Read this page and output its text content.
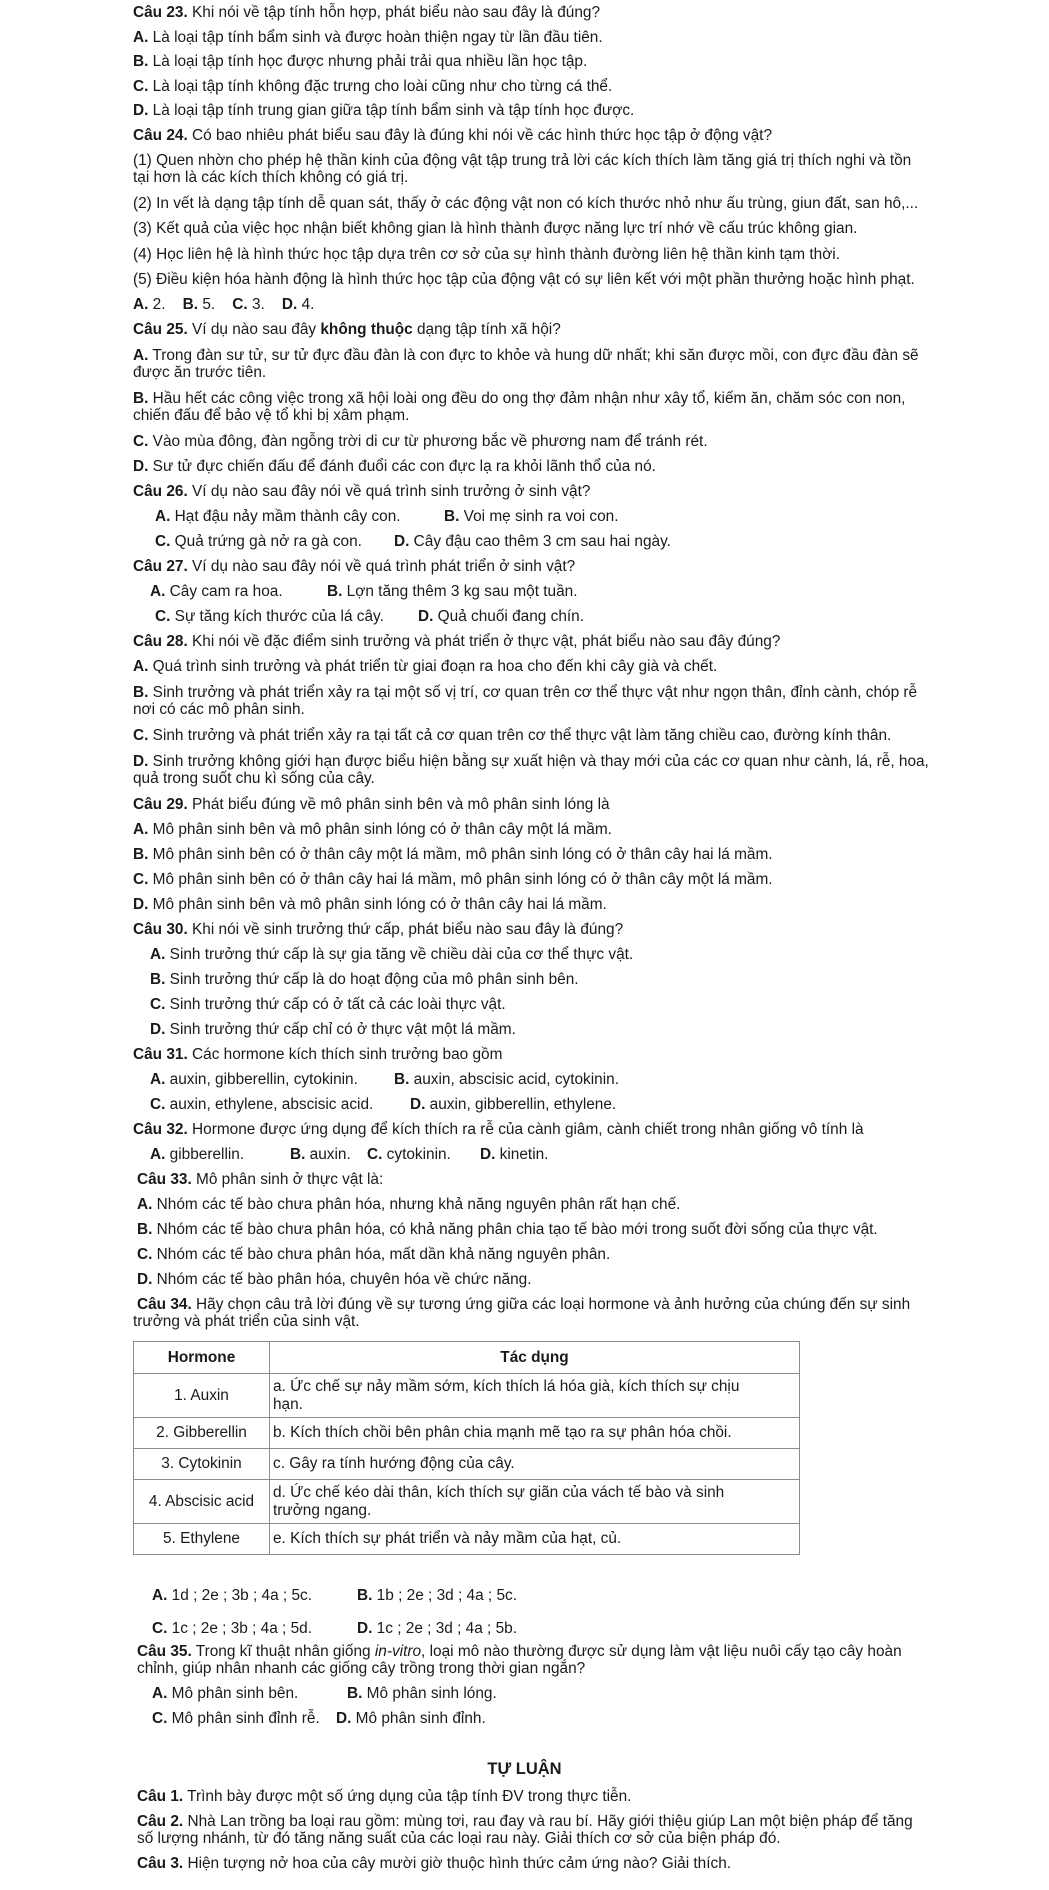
Câu 23. Khi nói về tập tính hỗn hợp, phát biểu nào sau đây là đúng?
A. Là loại tập tính bẩm sinh và được hoàn thiện ngay từ lần đầu tiên.
B. Là loại tập tính học được nhưng phải trải qua nhiều lần học tập.
C. Là loại tập tính không đặc trưng cho loài cũng như cho từng cá thể.
D. Là loại tập tính trung gian giữa tập tính bẩm sinh và tập tính học được.
Câu 24. Có bao nhiêu phát biểu sau đây là đúng khi nói về các hình thức học tập ở động vật?
(1) Quen nhờn cho phép hệ thần kinh của động vật tập trung trả lời các kích thích làm tăng giá trị thích nghi và tồn
tại hơn là các kích thích không có giá trị.
(2) In vết là dạng tập tính dễ quan sát, thấy ở các động vật non có kích thước nhỏ như ấu trùng, giun đất, san hô,...
(3) Kết quả của việc học nhận biết không gian là hình thành được năng lực trí nhớ về cấu trúc không gian.
(4) Học liên hệ là hình thức học tập dựa trên cơ sở của sự hình thành đường liên hệ thần kinh tạm thời.
(5) Điều kiện hóa hành động là hình thức học tập của động vật có sự liên kết với một phần thưởng hoặc hình phạt.
A. 2. B. 5. C. 3. D. 4.
Câu 25. Ví dụ nào sau đây không thuộc dạng tập tính xã hội?
A. Trong đàn sư tử, sư tử đực đầu đàn là con đực to khỏe và hung dữ nhất; khi săn được mồi, con đực đầu đàn sẽ
được ăn trước tiên.
B. Hầu hết các công việc trong xã hội loài ong đều do ong thợ đảm nhận như xây tổ, kiếm ăn, chăm sóc con non,
chiến đấu để bảo vệ tổ khi bị xâm phạm.
C. Vào mùa đông, đàn ngỗng trời di cư từ phương bắc về phương nam để tránh rét.
D. Sư tử đực chiến đấu để đánh đuổi các con đực lạ ra khỏi lãnh thổ của nó.
Câu 26. Ví dụ nào sau đây nói về quá trình sinh trưởng ở sinh vật?
A. Hạt đậu nảy mầm thành cây con.	B. Voi mẹ sinh ra voi con.
C. Quả trứng gà nở ra gà con. D. Cây đậu cao thêm 3 cm sau hai ngày.
Câu 27. Ví dụ nào sau đây nói về quá trình phát triển ở sinh vật?
A. Cây cam ra hoa.	B. Lợn tăng thêm 3 kg sau một tuần.
C. Sự tăng kích thước của lá cây. D. Quả chuối đang chín.
Câu 28. Khi nói về đặc điểm sinh trưởng và phát triển ở thực vật, phát biểu nào sau đây đúng?
A. Quá trình sinh trưởng và phát triển từ giai đoạn ra hoa cho đến khi cây già và chết.
B. Sinh trưởng và phát triển xảy ra tại một số vị trí, cơ quan trên cơ thể thực vật như ngọn thân, đỉnh cành, chóp rễ
nơi có các mô phân sinh.
C. Sinh trưởng và phát triển xảy ra tại tất cả cơ quan trên cơ thể thực vật làm tăng chiều cao, đường kính thân.
D. Sinh trưởng không giới hạn được biểu hiện bằng sự xuất hiện và thay mới của các cơ quan như cành, lá, rễ, hoa,
quả trong suốt chu kì sống của cây.
Câu 29. Phát biểu đúng về mô phân sinh bên và mô phân sinh lóng là
A. Mô phân sinh bên và mô phân sinh lóng có ở thân cây một lá mầm.
B. Mô phân sinh bên có ở thân cây một lá mầm, mô phân sinh lóng có ở thân cây hai lá mầm.
C. Mô phân sinh bên có ở thân cây hai lá mầm, mô phân sinh lóng có ở thân cây một lá mầm.
D. Mô phân sinh bên và mô phân sinh lóng có ở thân cây hai lá mầm.
Câu 30. Khi nói về sinh trưởng thứ cấp, phát biểu nào sau đây là đúng?
A. Sinh trưởng thứ cấp là sự gia tăng về chiều dài của cơ thể thực vật.
B. Sinh trưởng thứ cấp là do hoạt động của mô phân sinh bên.
C. Sinh trưởng thứ cấp có ở tất cả các loài thực vật.
D. Sinh trưởng thứ cấp chỉ có ở thực vật một lá mầm.
Câu 31. Các hormone kích thích sinh trưởng bao gồm
A. auxin, gibberellin, cytokinin. B. auxin, abscisic acid, cytokinin.
C. auxin, ethylene, abscisic acid. D. auxin, gibberellin, ethylene.
Câu 32. Hormone được ứng dụng để kích thích ra rễ của cành giâm, cành chiết trong nhân giống vô tính là
A. gibberellin.	B. auxin. C. cytokinin. D. kinetin.
Câu 33. Mô phân sinh ở thực vật là:
A. Nhóm các tế bào chưa phân hóa, nhưng khả năng nguyên phân rất hạn chế.
B. Nhóm các tế bào chưa phân hóa, có khả năng phân chia tạo tế bào mới trong suốt đời sống của thực vật.
C. Nhóm các tế bào chưa phân hóa, mất dần khả năng nguyên phân.
D. Nhóm các tế bào phân hóa, chuyên hóa về chức năng.
Câu 34. Hãy chọn câu trả lời đúng về sự tương ứng giữa các loại hormone và ảnh hưởng của chúng đến sự sinh
trưởng và phát triển của sinh vật.
Hormone	Tác dụng
1. Auxin	a. Ức chế sự nảy mầm sớm, kích thích lá hóa già, kích thích sự chịu
hạn.
2. Gibberellin	b. Kích thích chồi bên phân chia mạnh mẽ tạo ra sự phân hóa chồi.
3. Cytokinin	c. Gây ra tính hướng động của cây.
4. Abscisic acid	d. Ức chế kéo dài thân, kích thích sự giãn của vách tế bào và sinh
trưởng ngang.
5. Ethylene	e. Kích thích sự phát triển và nảy mầm của hạt, củ.
A. 1d ; 2e ; 3b ; 4a ; 5c.	B. 1b ; 2e ; 3d ; 4a ; 5c.
C. 1c ; 2e ; 3b ; 4a ; 5d.	D. 1c ; 2e ; 3d ; 4a ; 5b.
Câu 35. Trong kĩ thuật nhân giống in-vitro, loại mô nào thường được sử dụng làm vật liệu nuôi cấy tạo cây hoàn
chỉnh, giúp nhân nhanh các giống cây trồng trong thời gian ngắn?
A. Mô phân sinh bên.	B. Mô phân sinh lóng.
C. Mô phân sinh đỉnh rễ. D. Mô phân sinh đỉnh.
TỰ LUẬN
Câu 1. Trình bày được một số ứng dụng của tập tính ĐV trong thực tiễn.
Câu 2. Nhà Lan trồng ba loại rau gồm: mùng tơi, rau đay và rau bí. Hãy giới thiệu giúp Lan một biện pháp để tăng
số lượng nhánh, từ đó tăng năng suất của các loại rau này. Giải thích cơ sở của biện pháp đó.
Câu 3. Hiện tượng nở hoa của cây mười giờ thuộc hình thức cảm ứng nào? Giải thích.
